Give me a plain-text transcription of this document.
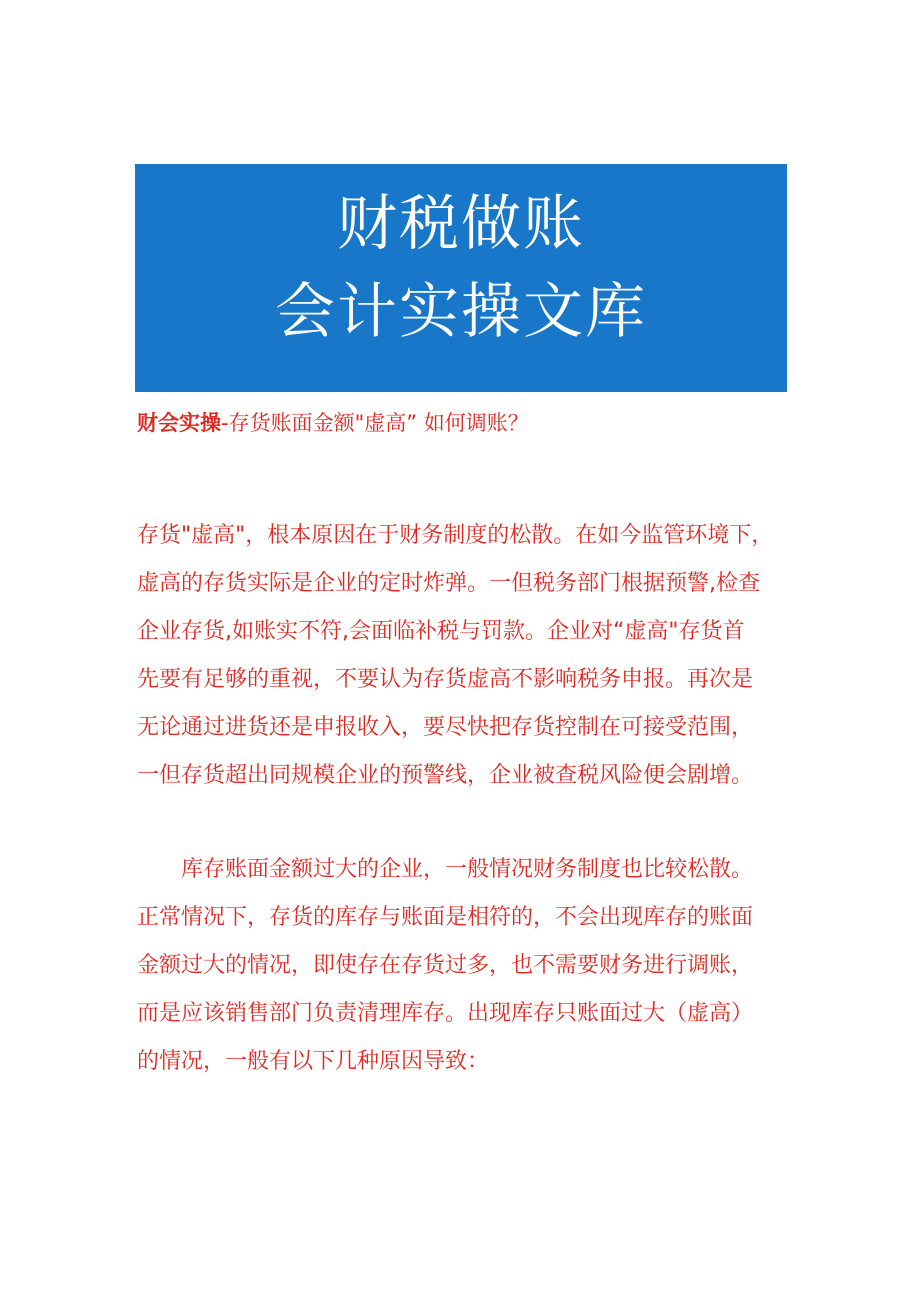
财税做账
会计实操文库
财会实操-存货账面金额"虚高” 如何调账？
存货"虚高"，根本原因在于财务制度的松散。在如今监管环境下，
虚高的存货实际是企业的定时炸弹。一但税务部门根据预警,检查
企业存货,如账实不符,会面临补税与罚款。企业对“虚高"存货首
先要有足够的重视，不要认为存货虚高不影响税务申报。再次是
无论通过进货还是申报收入，要尽快把存货控制在可接受范围，
一但存货超出同规模企业的预警线，企业被查税风险便会剧增。
　　库存账面金额过大的企业，一般情况财务制度也比较松散。
正常情况下，存货的库存与账面是相符的，不会出现库存的账面
金额过大的情况，即使存在存货过多，也不需要财务进行调账，
而是应该销售部门负责清理库存。出现库存只账面过大（虚高）
的情况，一般有以下几种原因导致：
